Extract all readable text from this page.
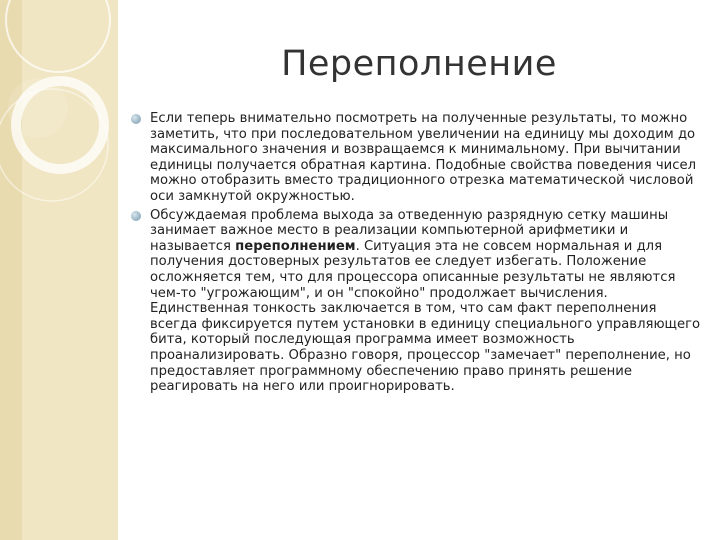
Переполнение
Если теперь внимательно посмотреть на полученные результаты, то можно заметить, что при последовательном увеличении на единицу мы доходим до максимального значения и возвращаемся к минимальному. При вычитании единицы получается обратная картина. Подобные свойства поведения чисел можно отобразить вместо традиционного отрезка математической числовой оси замкнутой окружностью.
Обсуждаемая проблема выхода за отведенную разрядную сетку машины занимает важное место в реализации компьютерной арифметики и называется переполнением. Ситуация эта не совсем нормальная и для получения достоверных результатов ее следует избегать. Положение осложняется тем, что для процессора описанные результаты не являются чем-то "угрожающим", и он "спокойно" продолжает вычисления. Единственная тонкость заключается в том, что сам факт переполнения всегда фиксируется путем установки в единицу специального управляющего бита, который последующая программа имеет возможность проанализировать. Образно говоря, процессор "замечает" переполнение, но предоставляет программному обеспечению право принять решение реагировать на него или проигнорировать.
